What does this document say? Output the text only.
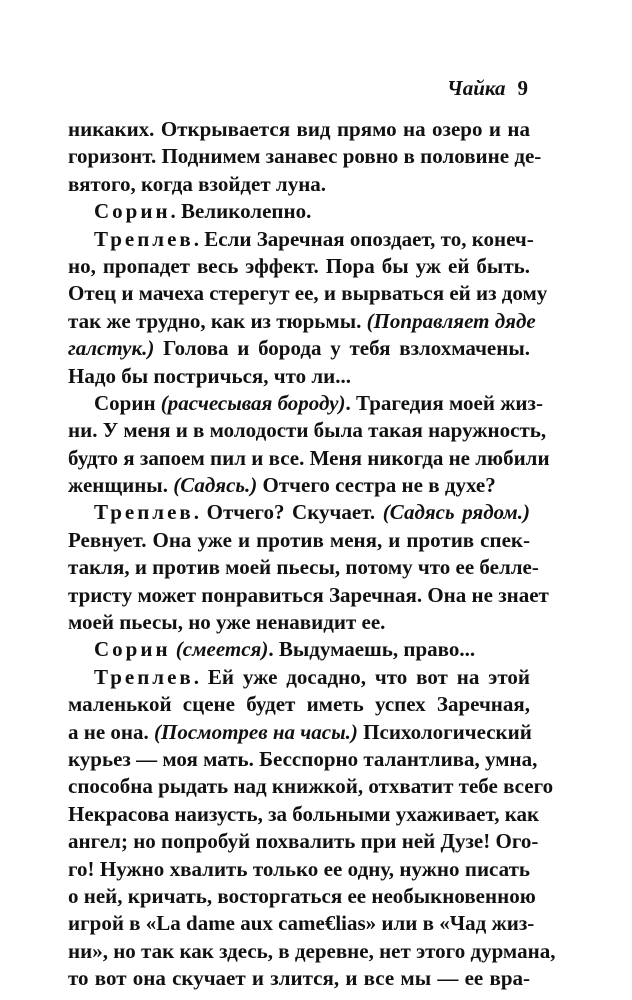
Чайка 9
никаких. Открывается вид прямо на озеро и на
горизонт. Поднимем занавес ровно в половине де-
вятого, когда взойдет луна.
Сорин. Великолепно.
Треплев. Если Заречная опоздает, то, конеч-
но, пропадет весь эффект. Пора бы уж ей быть.
Отец и мачеха стерегут ее, и вырваться ей из дому
так же трудно, как из тюрьмы. (Поправляет дяде
галстук.) Голова и борода у тебя взлохмачены.
Надо бы постричься, что ли...
Сорин (расчесывая бороду). Трагедия моей жиз-
ни. У меня и в молодости была такая наружность,
будто я запоем пил и все. Меня никогда не любили
женщины. (Садясь.) Отчего сестра не в духе?
Треплев. Отчего? Скучает. (Садясь рядом.)
Ревнует. Она уже и против меня, и против спек-
такля, и против моей пьесы, потому что ее белле-
тристу может понравиться Заречная. Она не знает
моей пьесы, но уже ненавидит ее.
Сорин (смеется). Выдумаешь, право...
Треплев. Ей уже досадно, что вот на этой
маленькой сцене будет иметь успех Заречная,
а не она. (Посмотрев на часы.) Психологический
курьез — моя мать. Бесспорно талантлива, умна,
способна рыдать над книжкой, отхватит тебе всего
Некрасова наизусть, за больными ухаживает, как
ангел; но попробуй похвалить при ней Дузе! Ого-
го! Нужно хвалить только ее одну, нужно писать
о ней, кричать, восторгаться ее необыкновенною
игрой в «La dame aux came€lias» или в «Чад жиз-
ни», но так как здесь, в деревне, нет этого дурмана,
то вот она скучает и злится, и все мы — ее вра-
